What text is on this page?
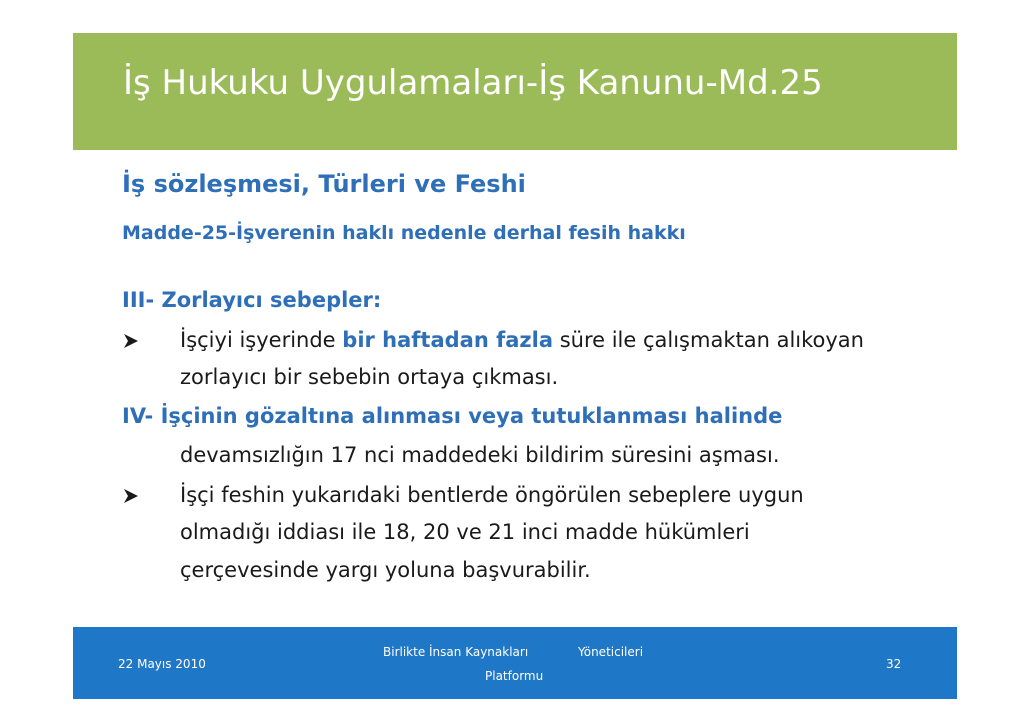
İş Hukuku Uygulamaları-İş Kanunu-Md.25
İş sözleşmesi, Türleri ve Feshi
Madde-25-İşverenin haklı nedenle derhal fesih hakkı
III- Zorlayıcı sebepler:
İşçiyi işyerinde bir haftadan fazla süre ile çalışmaktan alıkoyan
zorlayıcı bir sebebin ortaya çıkması.
IV- İşçinin gözaltına alınması veya tutuklanması halinde
devamsızlığın 17 nci maddedeki bildirim süresini aşması.
İşçi feshin yukarıdaki bentlerde öngörülen sebeplere uygun
olmadığı iddiası ile 18, 20 ve 21 inci madde hükümleri
çerçevesinde yargı yoluna başvurabilir.
22 Mayıs 2010
Birlikte İnsan Kaynakları	Yöneticileri
Platformu
32
